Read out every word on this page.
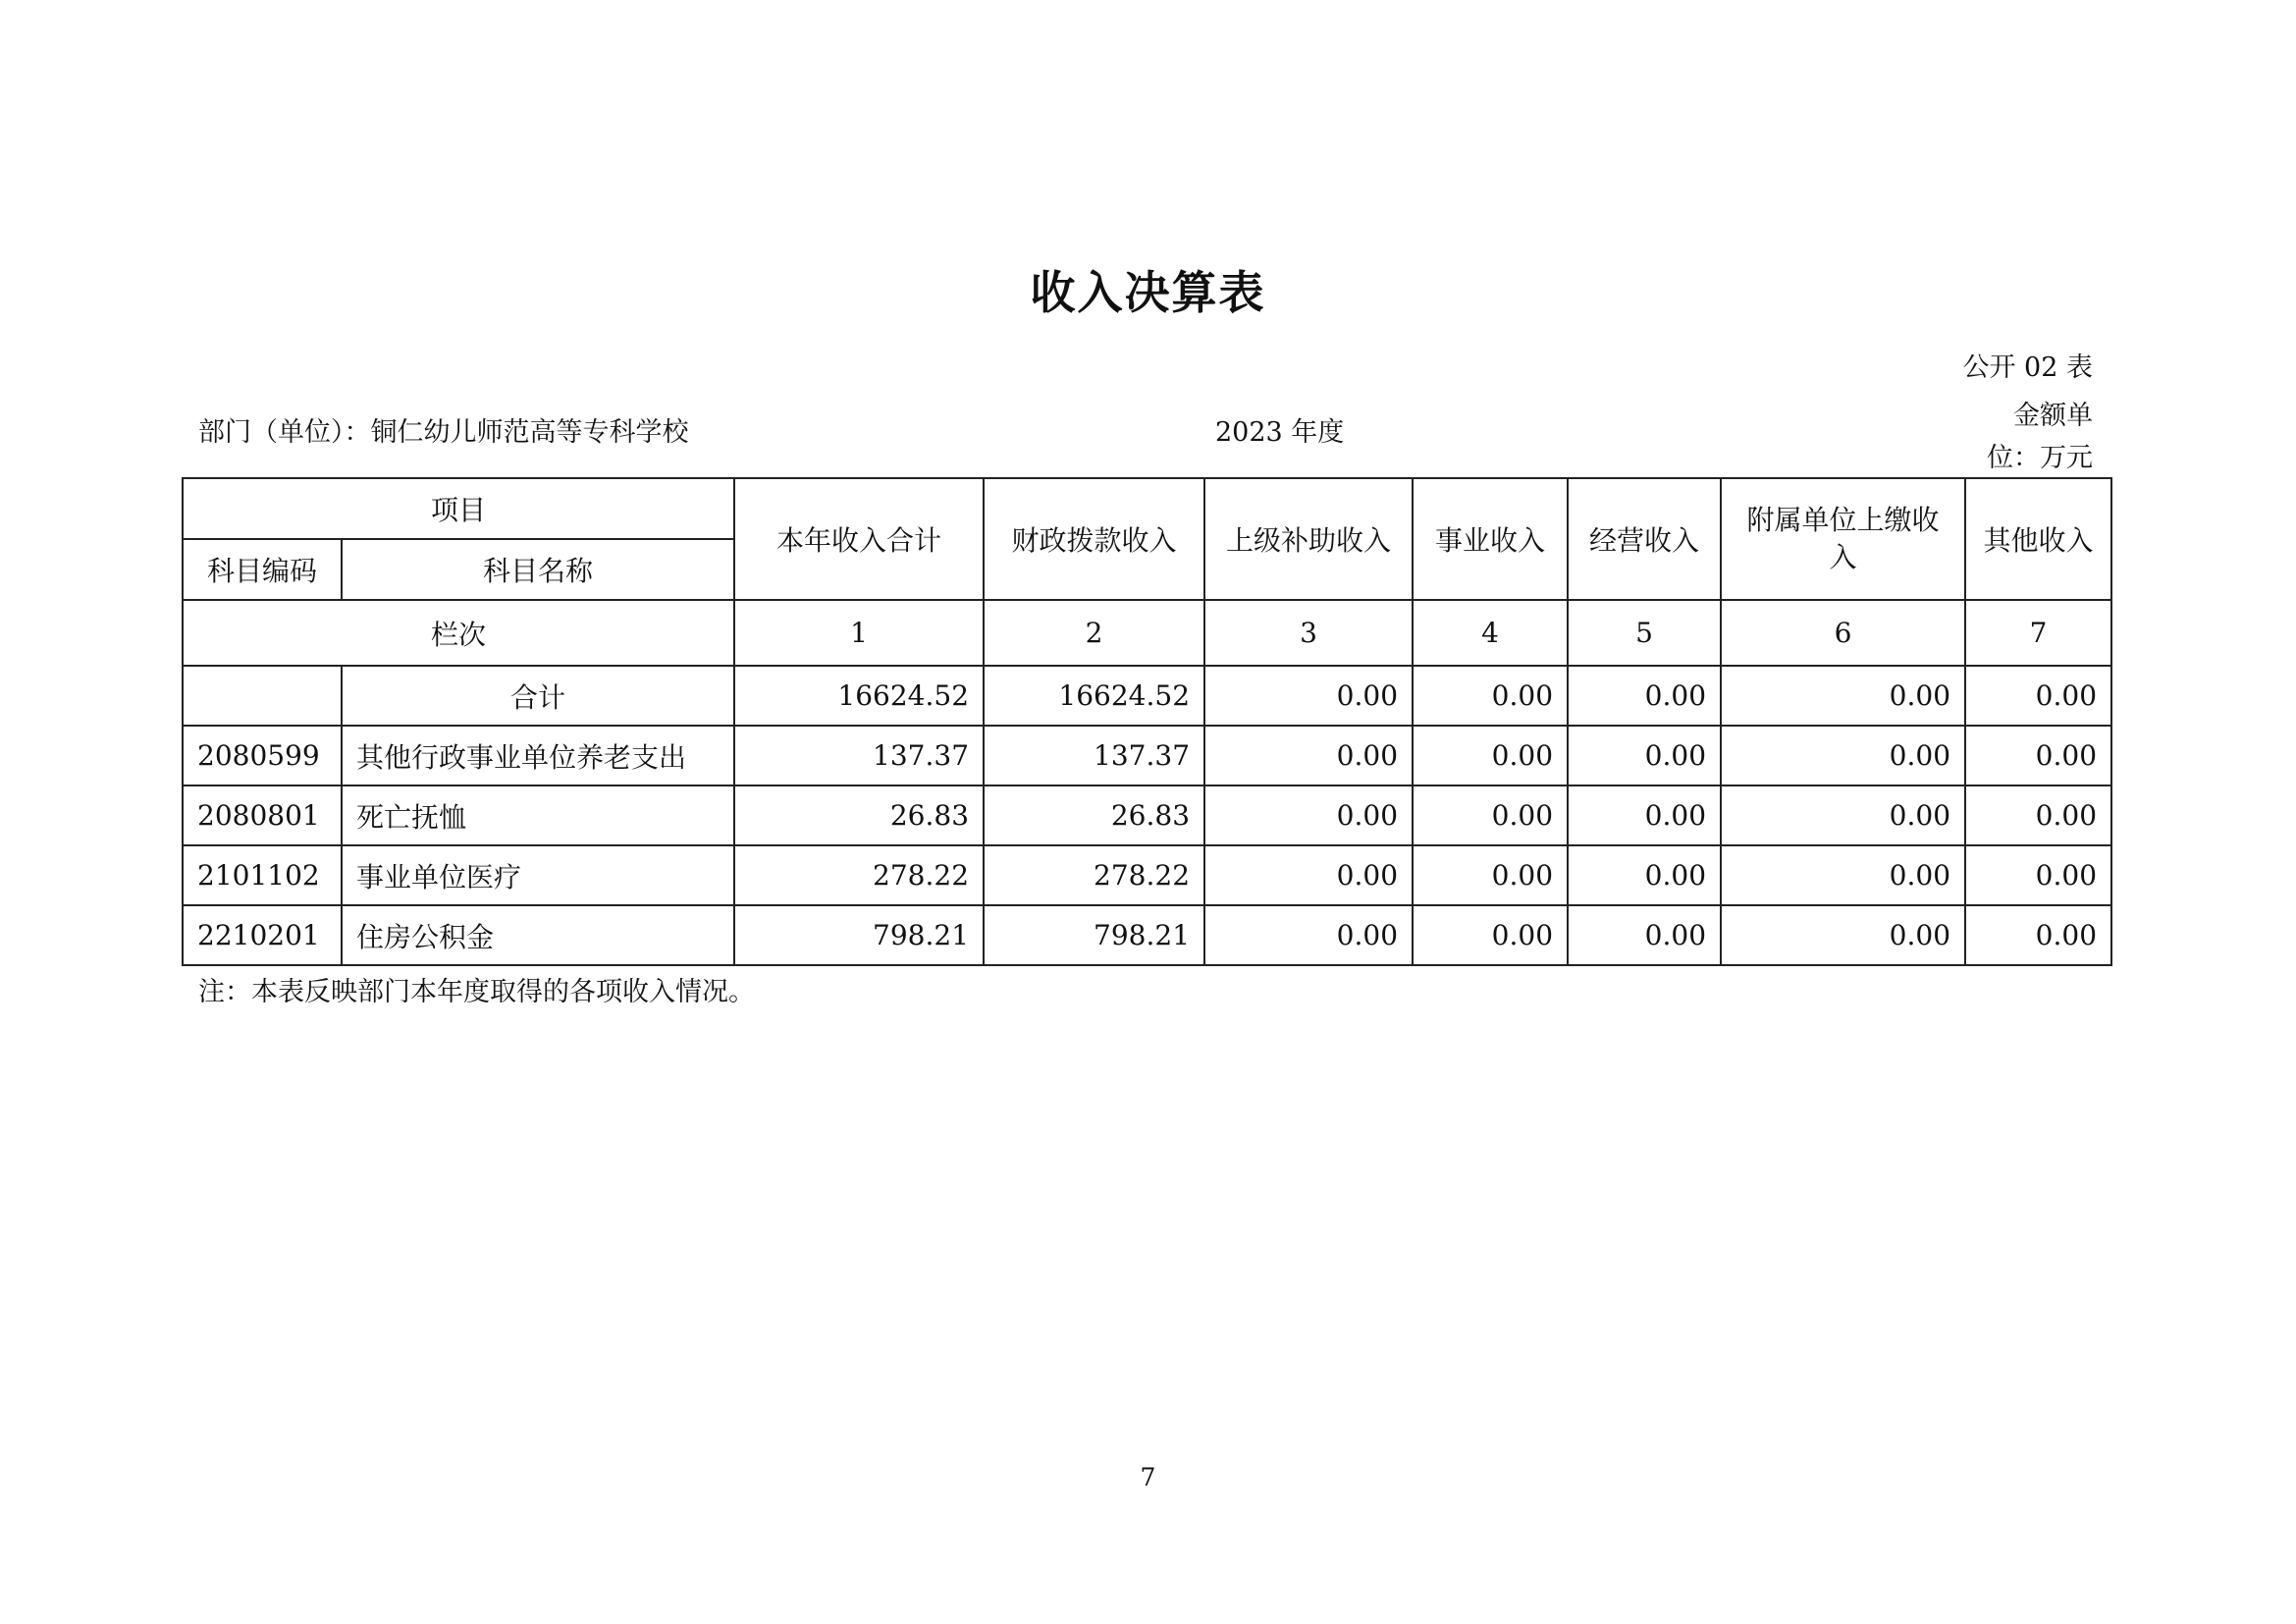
收入决算表
公开 02 表
部门（单位）：铜仁幼儿师范高等专科学校	2023 年度
金额单
位：万元
项目		本年收入合计	财政拨款收入	上级补助收入	事业收入	经营收入	附属单位上缴收入	其他收入
科目编码	科目名称							
栏次		1	2	3	4	5	6	7
	合计	16624.52	16624.52	0.00	0.00	0.00	0.00	0.00
2080599	其他行政事业单位养老支出	137.37	137.37	0.00	0.00	0.00	0.00	0.00
2080801	死亡抚恤	26.83	26.83	0.00	0.00	0.00	0.00	0.00
2101102	事业单位医疗	278.22	278.22	0.00	0.00	0.00	0.00	0.00
2210201	住房公积金	798.21	798.21	0.00	0.00	0.00	0.00	0.00
注：本表反映部门本年度取得的各项收入情况。
7
